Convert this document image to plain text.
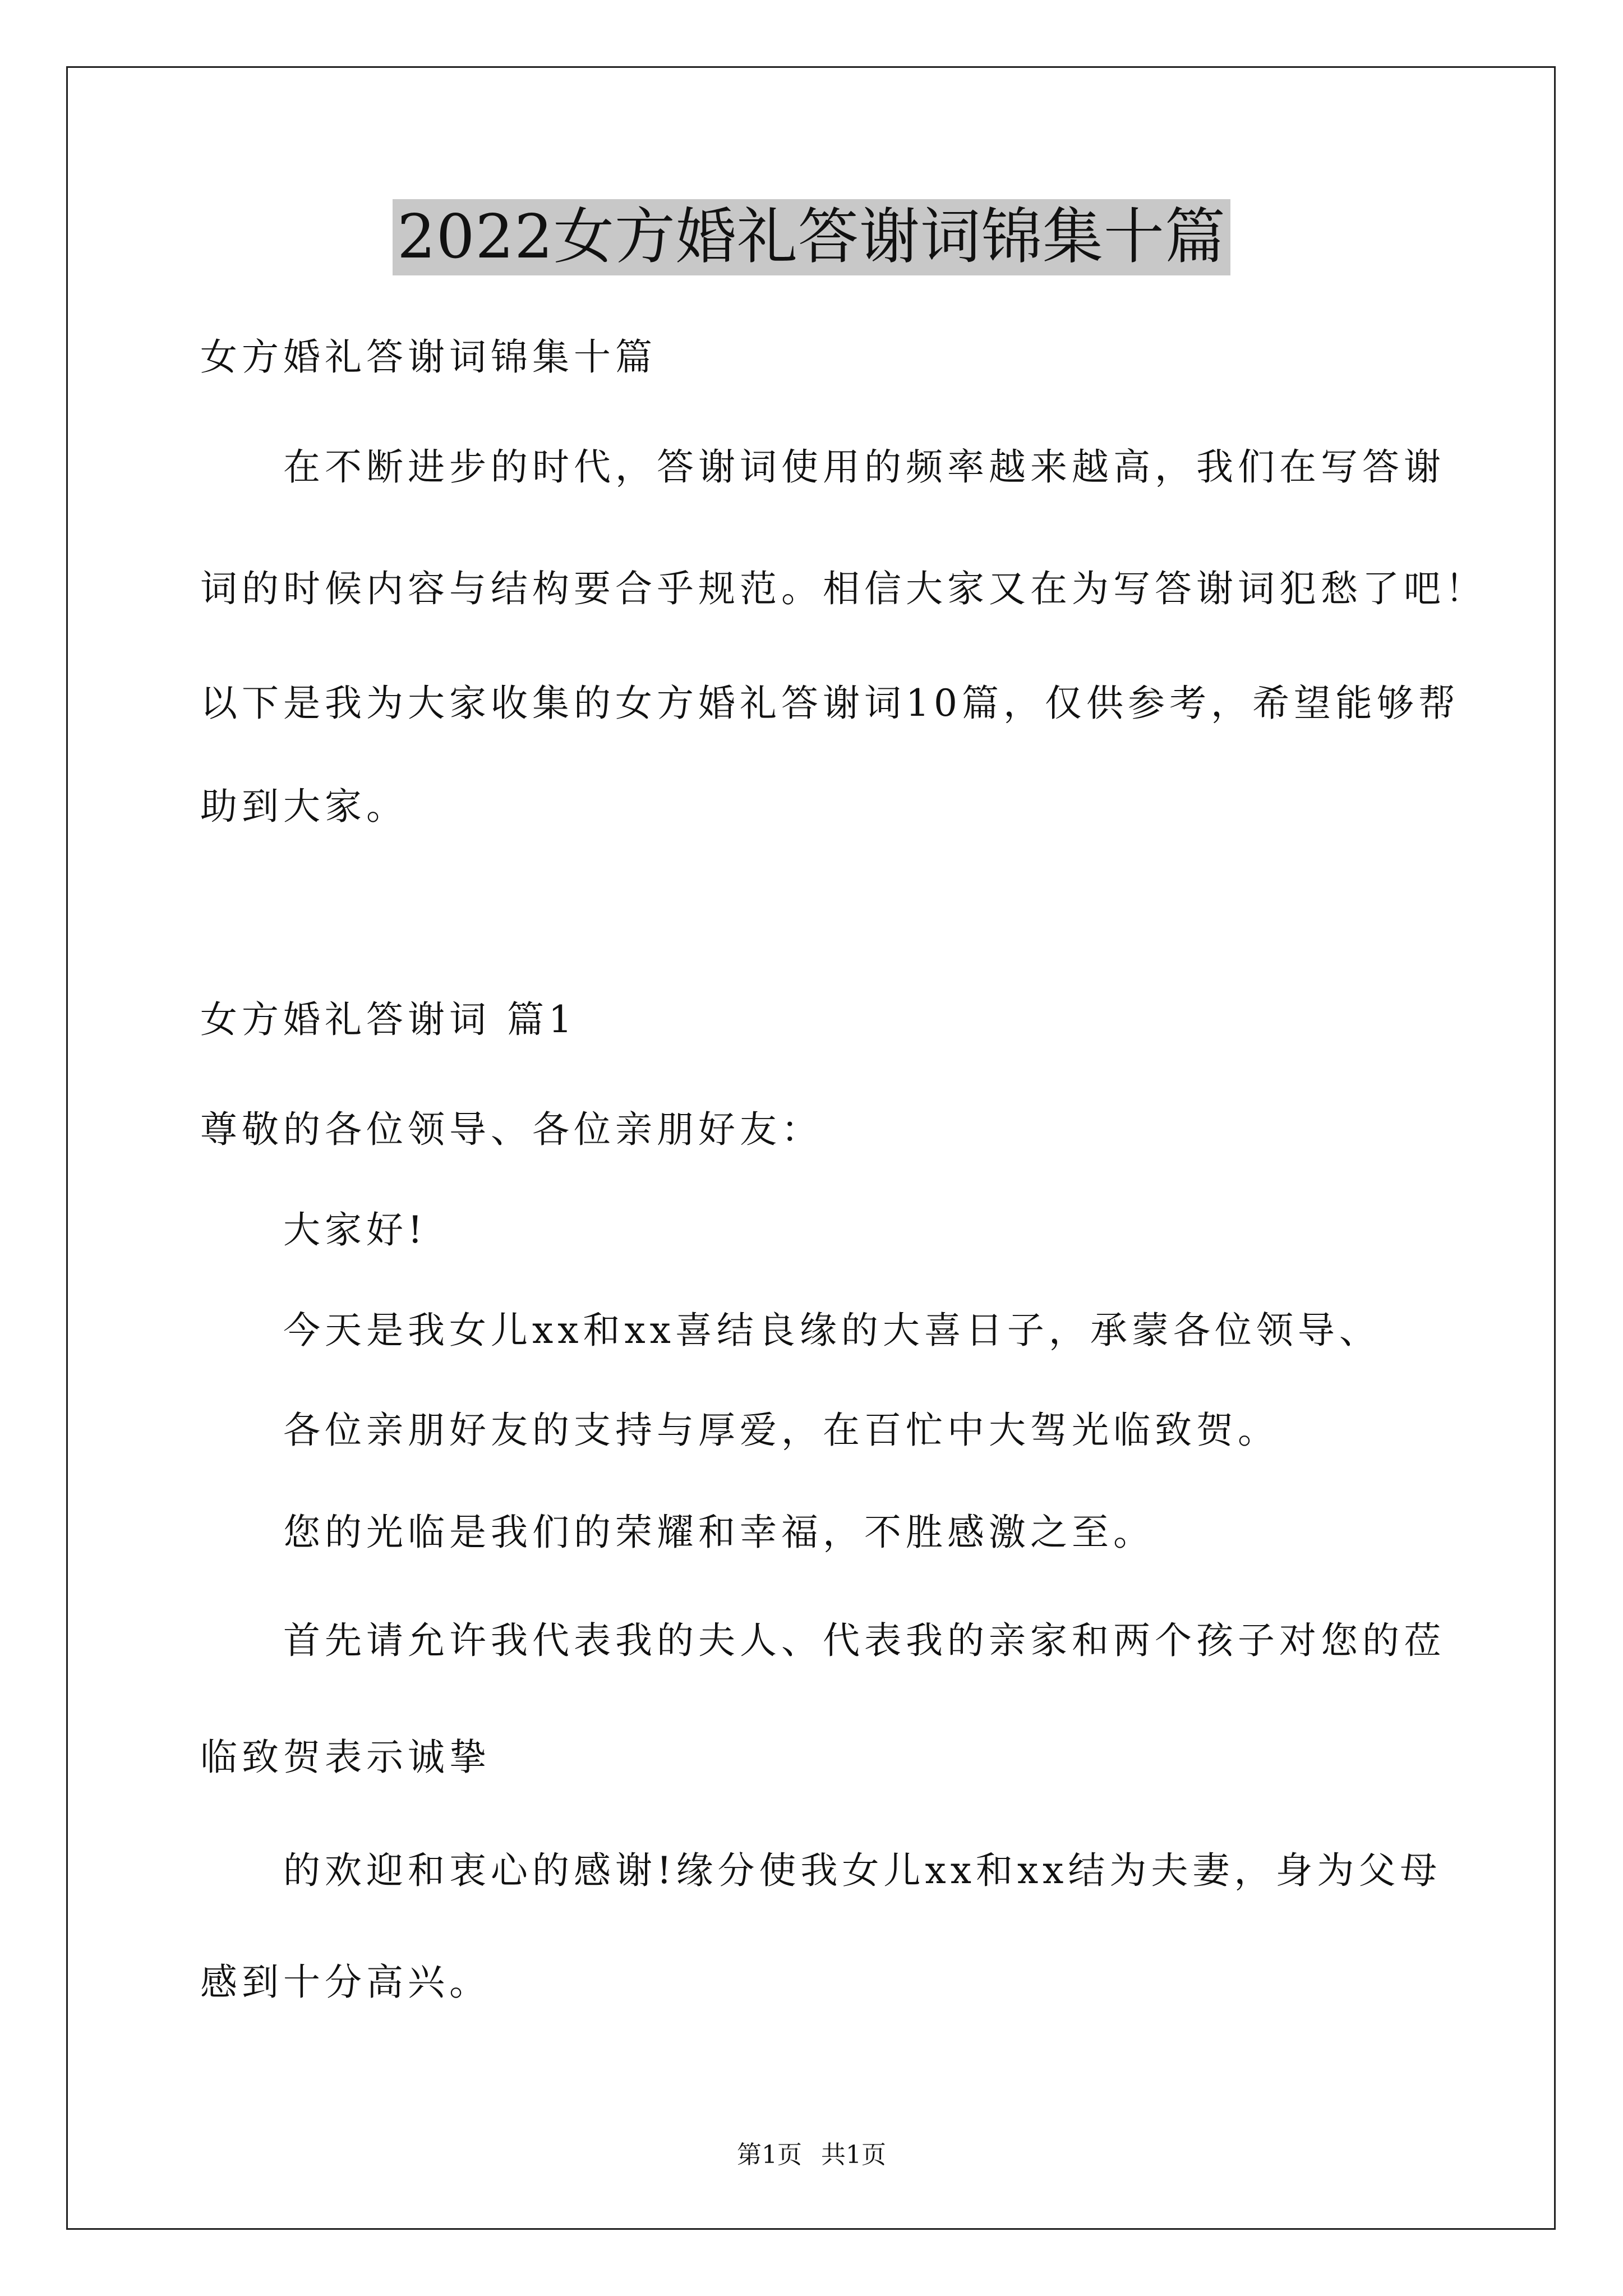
2022女方婚礼答谢词锦集十篇
女方婚礼答谢词锦集十篇
在不断进步的时代，答谢词使用的频率越来越高，我们在写答谢
词的时候内容与结构要合乎规范。相信大家又在为写答谢词犯愁了吧！
以下是我为大家收集的女方婚礼答谢词10篇，仅供参考，希望能够帮
助到大家。
女方婚礼答谢词 篇1
尊敬的各位领导、各位亲朋好友：
大家好!
今天是我女儿xx和xx喜结良缘的大喜日子，承蒙各位领导、
各位亲朋好友的支持与厚爱，在百忙中大驾光临致贺。
您的光临是我们的荣耀和幸福，不胜感激之至。
首先请允许我代表我的夫人、代表我的亲家和两个孩子对您的莅
临致贺表示诚挚
的欢迎和衷心的感谢!缘分使我女儿xx和xx结为夫妻，身为父母
感到十分高兴。
第1页 共1页
